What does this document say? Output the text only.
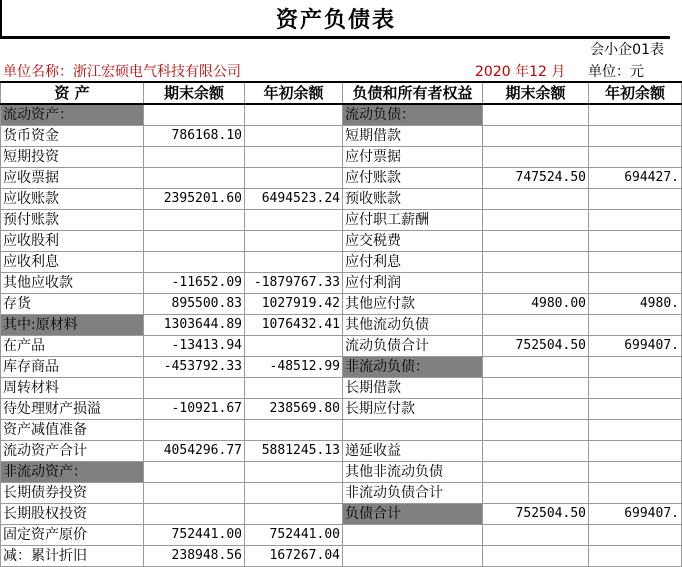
资产负债表
会小企01表
单位名称：浙江宏硕电气科技有限公司	2020 年12 月 单位：元
资 产	期末余额	年初余额	负债和所有者权益	期末余额	年初余额
流动资产：			流动负债：		
货币资金	786168.10		短期借款		
短期投资			应付票据		
应收票据			应付账款	747524.50	694427.
应收账款	2395201.60	6494523.24	预收账款		
预付账款			应付职工薪酬		
应收股利			应交税费		
应收利息			应付利息		
其他应收款	-11652.09	-1879767.33	应付利润		
存货	895500.83	1027919.42	其他应付款	4980.00	4980.
其中:原材料	1303644.89	1076432.41	其他流动负债		
在产品	-13413.94		流动负债合计	752504.50	699407.
库存商品	-453792.33	-48512.99	非流动负债：		
周转材料			长期借款		
待处理财产损溢	-10921.67	238569.80	长期应付款		
资产减值准备					
流动资产合计	4054296.77	5881245.13	递延收益		
非流动资产：			其他非流动负债		
长期债券投资			非流动负债合计		
长期股权投资			负债合计	752504.50	699407.
固定资产原价	752441.00	752441.00			
减：累计折旧	238948.56	167267.04			
